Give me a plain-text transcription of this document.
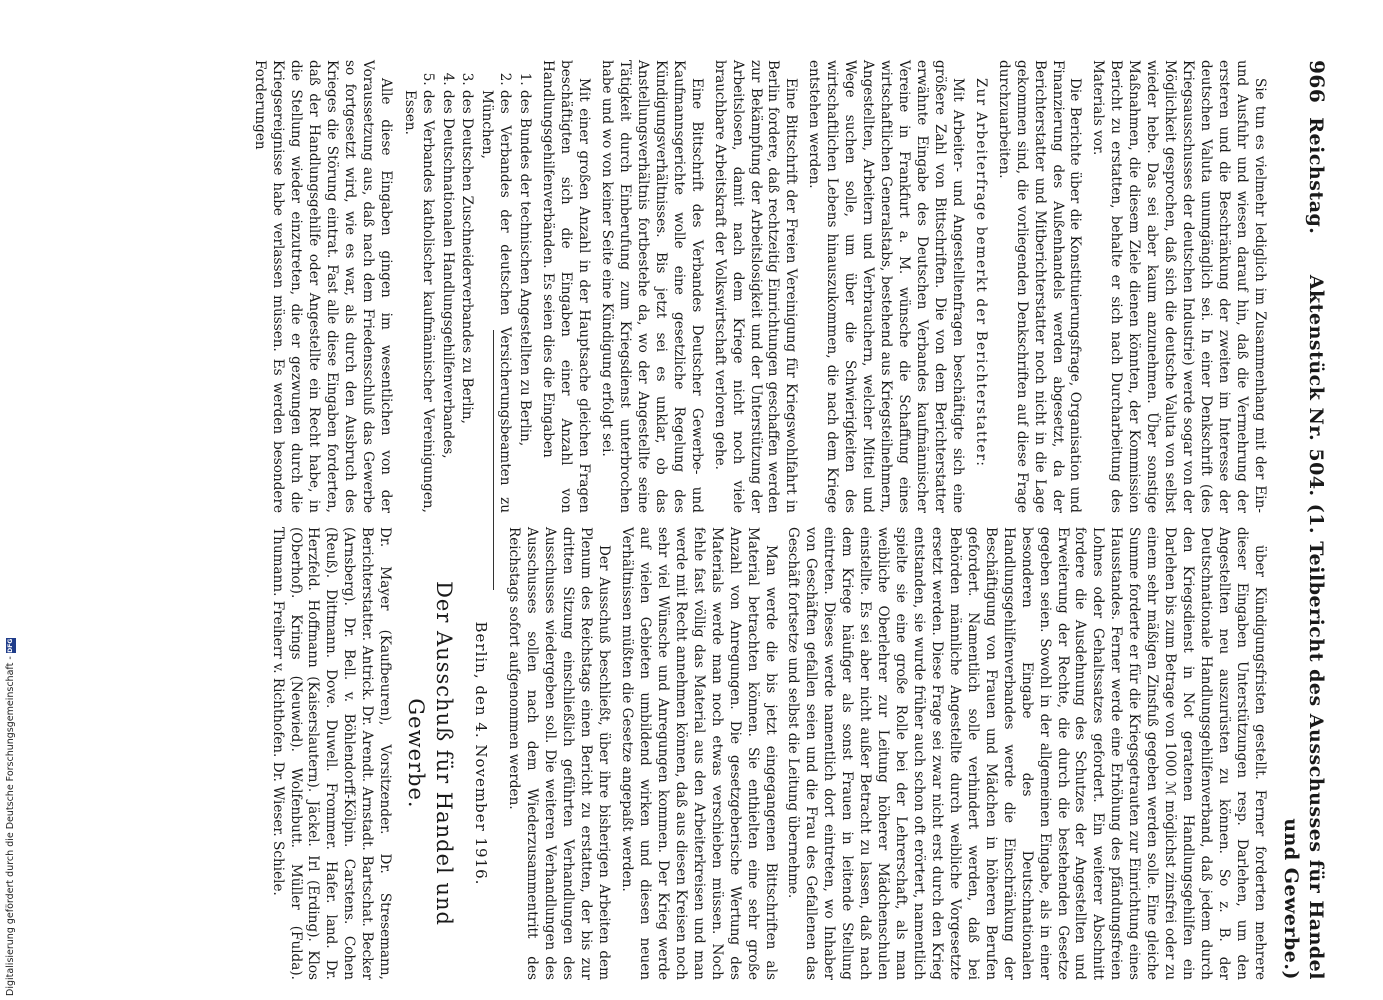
966
Reichstag.
Aktenstück Nr. 504. (1. Teilbericht des Ausschusses für Handel und Gewerbe.)

Sie tun es vielmehr lediglich im Zusammenhang mit der Ein- und Ausfuhr und wiesen darauf hin, daß die Vermehrung der ersteren und die Beschränkung der zweiten im Interesse der deutschen Valuta unumgänglich sei. In einer Denkschrift (des Kriegsausschusses der deutschen Industrie) werde sogar von der Möglichkeit gesprochen, daß sich die deutsche Valuta von selbst wieder hebe. Das sei aber kaum anzunehmen. Über sonstige Maßnahmen, die diesem Ziele dienen könnten, der Kommission Bericht zu erstatten, behalte er sich nach Durcharbeitung des Materials vor.

Die Berichte über die Konstituierungsfrage, Organisation und Finanzierung des Außenhandels werden abgesetzt, da der Berichterstatter und Mitberichterstatter noch nicht in die Lage gekommen sind, die vorliegenden Denkschriften auf diese Frage durchzuarbeiten.

Zur Arbeiterfrage bemerkt der Berichterstatter:

Mit Arbeiter- und Angestelltenfragen beschäftigte sich eine größere Zahl von Bittschriften. Die von dem Berichterstatter erwähnte Eingabe des Deutschen Verbandes kaufmännischer Vereine in Frankfurt a. M. wünsche die Schaffung eines wirtschaftlichen Generalstabs, bestehend aus Kriegsteilnehmern, Angestellten, Arbeitern und Verbrauchern, welcher Mittel und Wege suchen solle, um über die Schwierigkeiten des wirtschaftlichen Lebens hinauszukommen, die nach dem Kriege entstehen werden.

Eine Bittschrift der Freien Vereinigung für Kriegswohlfahrt in Berlin fordere, daß rechtzeitig Einrichtungen geschaffen werden zur Bekämpfung der Arbeitslosigkeit und der Unterstützung der Arbeitslosen, damit nach dem Kriege nicht noch viele brauchbare Arbeitskraft der Volkswirtschaft verloren gehe.

Eine Bittschrift des Verbandes Deutscher Gewerbe- und Kaufmannsgerichte wolle eine gesetzliche Regelung des Kündigungsverhältnisses. Bis jetzt sei es unklar, ob das Anstellungsverhältnis fortbestehe da, wo der Angestellte seine Tätigkeit durch Einberufung zum Kriegsdienst unterbrochen habe und wo von keiner Seite eine Kündigung erfolgt sei.

Mit einer großen Anzahl in der Hauptsache gleichen Fragen beschäftigten sich die Eingaben einer Anzahl von Handlungsgehilfenverbänden. Es seien dies die Eingaben

1. des Bundes der technischen Angestellten zu Berlin,
2. des Verbandes der deutschen Versicherungsbeamten zu München,
3. des Deutschen Zuschneiderverbandes zu Berlin,
4. des Deutschnationalen Handlungsgehilfenverbandes,
5. des Verbandes katholischer kaufmännischer Vereinigungen, Essen.

Alle diese Eingaben gingen im wesentlichen von der Voraussetzung aus, daß nach dem Friedensschluß das Gewerbe so fortgesetzt wird, wie es war, als durch den Ausbruch des Krieges die Störung eintrat. Fast alle diese Eingaben forderten, daß der Handlungsgehilfe oder Angestellte ein Recht habe, in die Stellung wieder einzutreten, die er gezwungen durch die Kriegsereignisse habe verlassen müssen. Es werden besondere Forderungen

über Kündigungsfristen gestellt. Ferner forderten mehrere dieser Eingaben Unterstützungen resp. Darlehen, um den Angestellten neu auszurüsten zu können. So z. B. der Deutschnationale Handlungsgehilfenverband, daß jedem durch den Kriegsdienst in Not geratenen Handlungsgehilfen ein Darlehen bis zum Betrage von 1000 ℳ möglichst zinsfrei oder zu einem sehr mäßigen Zinsfuß gegeben werden solle. Eine gleiche Summe forderte er für die Kriegsgetrauten zur Einrichtung eines Hausstandes. Ferner werde eine Erhöhung des pfändungsfreien Lohnes oder Gehaltssatzes gefordert. Ein weiterer Abschnitt fordere die Ausdehnung des Schutzes der Angestellten und Erweiterung der Rechte, die durch die bestehenden Gesetze gegeben seien. Sowohl in der allgemeinen Eingabe, als in einer besonderen Eingabe des Deutschnationalen Handlungsgehilfenverbandes werde die Einschränkung der Beschäftigung von Frauen und Mädchen in höheren Berufen gefordert. Namentlich solle verhindert werden, daß bei Behörden männliche Angestellte durch weibliche Vorgesetzte ersetzt werden. Diese Frage sei zwar nicht erst durch den Krieg entstanden, sie wurde früher auch schon oft erörtert, namentlich spielte sie eine große Rolle bei der Lehrerschaft, als man weibliche Oberlehrer zur Leitung höherer Mädchenschulen einstellte. Es sei aber nicht außer Betracht zu lassen, daß nach dem Kriege häufiger als sonst Frauen in leitende Stellung eintreten. Dieses werde namentlich dort eintreten, wo Inhaber von Geschäften gefallen seien und die Frau des Gefallenen das Geschäft fortsetze und selbst die Leitung übernehme.

Man werde die bis jetzt eingegangenen Bittschriften als Material betrachten können. Sie enthielten eine sehr große Anzahl von Anregungen. Die gesetzgeberische Wertung des Materials werde man noch etwas verschieben müssen. Noch fehle fast völlig das Material aus den Arbeiterkreisen und man werde mit Recht annehmen können, daß aus diesen Kreisen noch sehr viel Wünsche und Anregungen kommen. Der Krieg werde auf vielen Gebieten umbildend wirken und diesen neuen Verhältnissen müßten die Gesetze angepaßt werden.

Der Ausschuß beschließt, über ihre bisherigen Arbeiten dem Plenum des Reichstags einen Bericht zu erstatten, der bis zur dritten Sitzung einschließlich geführten Verhandlungen des Ausschusses wiedergeben soll. Die weiteren Verhandlungen des Ausschusses sollen nach dem Wiederzusammentritt des Reichstags sofort aufgenommen werden.

Berlin, den 4. November 1916.
Der Ausschuß für Handel und Gewerbe.
Dr. Mayer (Kaufbeuren), Vorsitzender. Dr. Stresemann, Berichterstatter. Antrick. Dr. Arendt. Arnstadt. Bartschat. Becker (Arnsberg). Dr. Bell. v. Böhlendorff-Kölpin. Carstens. Cohen (Reuß). Dittmann. Dove. Duwell. Frommer. Hafer. land. Dr. Herzfeld. Hoffmann (Kaiserslautern). Jäckel. Irl (Erding). Klos (Oberhof). Krings (Neuwied). Wolfenbutt. Müller (Fulda). Thumann. Freiherr v. Richthofen. Dr. Wieser. Schiele.
Digitalisierung gefördert durch die Deutsche Forschungsgemeinschaft -
DFG
